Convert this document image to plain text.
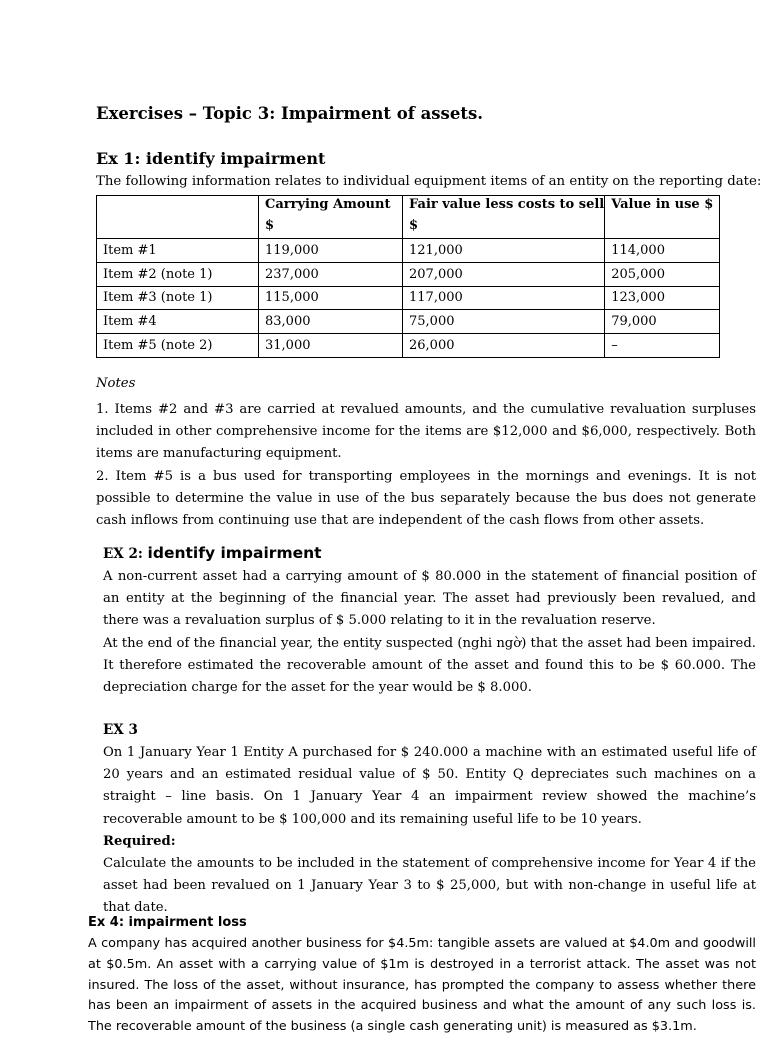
Exercises – Topic 3: Impairment of assets.
Ex 1: identify impairment
The following information relates to individual equipment items of an entity on the reporting date:
	Carrying Amount	Fair value less costs to sell	Value in use $
	$	$	
Item #1	119,000	121,000	114,000
Item #2 (note 1)	237,000	207,000	205,000
Item #3 (note 1)	115,000	117,000	123,000
Item #4	83,000	75,000	79,000
Item #5 (note 2)	31,000	26,000	–
Notes

1. Items #2 and #3 are carried at revalued amounts, and the cumulative revaluation surpluses included in other comprehensive income for the items are $12,000 and $6,000, respectively. Both items are manufacturing equipment.

2. Item #5 is a bus used for transporting employees in the mornings and evenings. It is not possible to determine the value in use of the bus separately because the bus does not generate cash inflows from continuing use that are independent of the cash flows from other assets.

EX 2: identify impairment

A non-current asset had a carrying amount of $ 80.000 in the statement of financial position of an entity at the beginning of the financial year. The asset had previously been revalued, and there was a revaluation surplus of $ 5.000 relating to it in the revaluation reserve.

At the end of the financial year, the entity suspected (nghi ngờ) that the asset had been impaired. It therefore estimated the recoverable amount of the asset and found this to be $ 60.000. The depreciation charge for the asset for the year would be $ 8.000.

EX 3

On 1 January Year 1 Entity A purchased for $ 240.000 a machine with an estimated useful life of 20 years and an estimated residual value of $ 50. Entity Q depreciates such machines on a straight – line basis. On 1 January Year 4 an impairment review showed the machine’s recoverable amount to be $ 100,000 and its remaining useful life to be 10 years.

Required:

Calculate the amounts to be included in the statement of comprehensive income for Year 4 if the asset had been revalued on 1 January Year 3 to $ 25,000, but with non-change in useful life at that date.

Ex 4: impairment loss

A company has acquired another business for $4.5m: tangible assets are valued at $4.0m and goodwill at $0.5m. An asset with a carrying value of $1m is destroyed in a terrorist attack. The asset was not insured. The loss of the asset, without insurance, has prompted the company to assess whether there has been an impairment of assets in the acquired business and what the amount of any such loss is. The recoverable amount of the business (a single cash generating unit) is measured as $3.1m.
